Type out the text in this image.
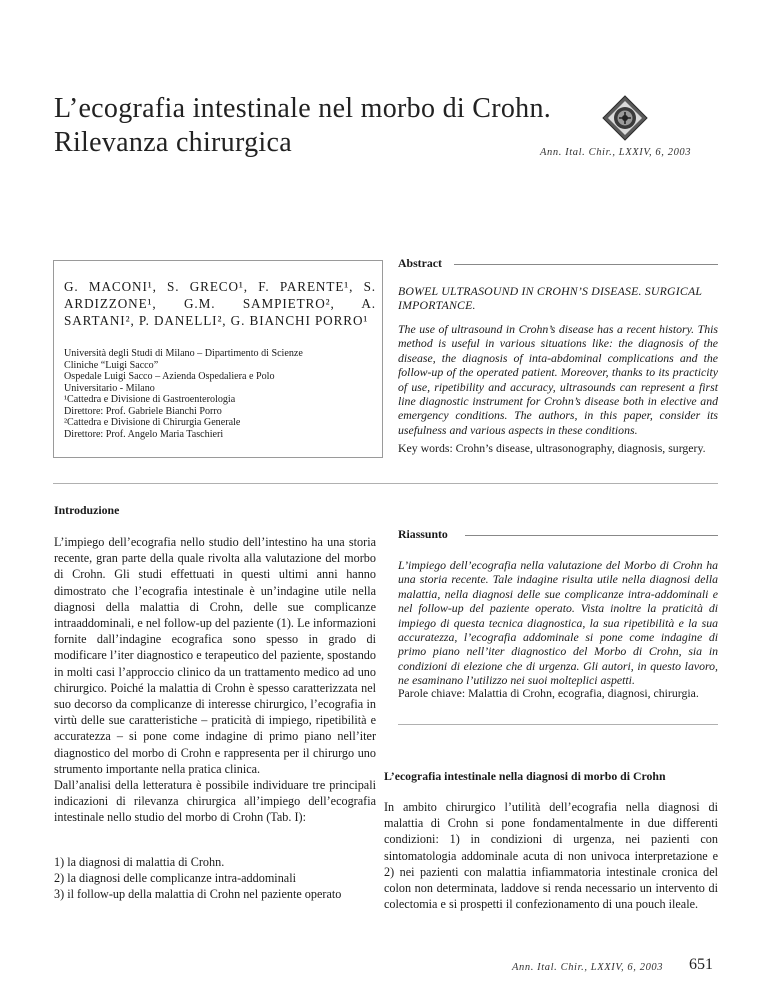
L’ecografia intestinale nel morbo di Crohn.
Rilevanza chirurgica	Ann. Ital. Chir., LXXIV, 6, 2003
G. MACONI¹, S. GRECO¹, F. PARENTE¹, S. ARDIZZONE¹, G.M. SAMPIETRO², A. SARTANI², P. DANELLI², G. BIANCHI PORRO¹
Università degli Studi di Milano – Dipartimento di Scienze
Cliniche “Luigi Sacco”
Ospedale Luigi Sacco – Azienda Ospedaliera e Polo
Universitario - Milano
¹Cattedra e Divisione di Gastroenterologia
Direttore: Prof. Gabriele Bianchi Porro
²Cattedra e Divisione di Chirurgia Generale
Direttore: Prof. Angelo Maria Taschieri
Abstract
BOWEL ULTRASOUND IN CROHN’S DISEASE. SURGICAL IMPORTANCE.
The use of ultrasound in Crohn’s disease has a recent history. This method is useful in various situations like: the diagnosis of the disease, the diagnosis of inta-abdominal complications and the follow-up of the operated patient. Moreover, thanks to its practicity of use, ripetibility and accuracy, ultrasounds can represent a first line diagnostic instrument for Crohn’s disease both in elective and emergency conditions. The authors, in this paper, consider its usefulness and various aspects in these conditions.
Key words: Crohn’s disease, ultrasonography, diagnosis, surgery.
Introduzione

L’impiego dell’ecografia nello studio dell’intestino ha una storia recente, gran parte della quale rivolta alla valutazione del morbo di Crohn. Gli studi effettuati in questi ultimi anni hanno dimostrato che l’ecografia intestinale è un’indagine utile nella diagnosi della malattia di Crohn, delle sue complicanze intraaddominali, e nel follow-up del paziente (1). Le informazioni fornite dall’indagine ecografica sono spesso in grado di modificare l’iter diagnostico e terapeutico del paziente, spostando in molti casi l’approccio clinico da un trattamento medico ad uno chirurgico. Poiché la malattia di Crohn è spesso caratterizzata nel suo decorso da complicanze di interesse chirurgico, l’ecografia in virtù delle sue caratteristiche – praticità di impiego, ripetibilità e accuratezza – si pone come indagine di primo piano nell’iter diagnostico del morbo di Crohn e rappresenta per il chirurgo uno strumento importante nella pratica clinica.

Dall’analisi della letteratura è possibile individuare tre principali indicazioni di rilevanza chirurgica all’impiego dell’ecografia intestinale nello studio del morbo di Crohn (Tab. I):

1) la diagnosi di malattia di Crohn.
2) la diagnosi delle complicanze intra-addominali
3) il follow-up della malattia di Crohn nel paziente operato
Riassunto
L’impiego dell’ecografia nella valutazione del Morbo di Crohn ha una storia recente. Tale indagine risulta utile nella diagnosi della malattia, nella diagnosi delle sue complicanze intra-addominali e nel follow-up del paziente operato. Vista inoltre la praticità di impiego di questa tecnica diagnostica, la sua ripetibilità e la sua accuratezza, l’ecografia addominale si pone come indagine di primo piano nell’iter diagnostico del Morbo di Crohn, sia in condizioni di elezione che di urgenza. Gli autori, in questo lavoro, ne esaminano l’utilizzo nei suoi molteplici aspetti.
Parole chiave: Malattia di Crohn, ecografia, diagnosi, chirurgia.
L’ecografia intestinale nella diagnosi di morbo di Crohn
In ambito chirurgico l’utilità dell’ecografia nella diagnosi di malattia di Crohn si pone fondamentalmente in due differenti condizioni: 1) in condizioni di urgenza, nei pazienti con sintomatologia addominale acuta di non univoca interpretazione e 2) nei pazienti con malattia infiammatoria intestinale cronica del colon non determinata, laddove si renda necessario un intervento di colectomia e si prospetti il confezionamento di una pouch ileale.
Ann. Ital. Chir., LXXIV, 6, 2003 651
